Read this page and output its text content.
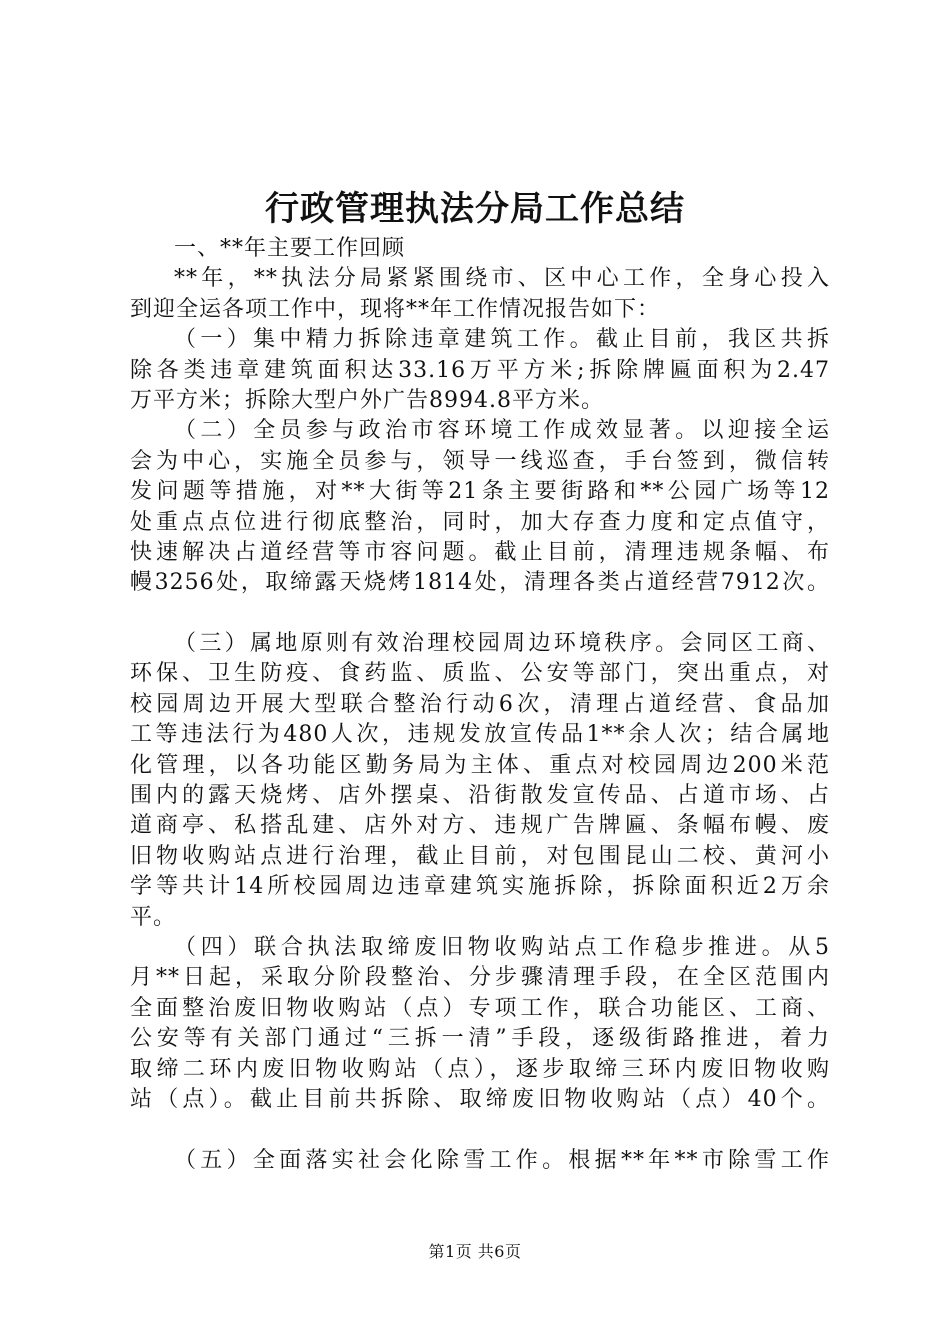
行政管理执法分局工作总结
一、**年主要工作回顾
**年，**执法分局紧紧围绕市、区中心工作，全身心投入
到迎全运各项工作中，现将**年工作情况报告如下：
（一）集中精力拆除违章建筑工作。截止目前，我区共拆
除各类违章建筑面积达33.16万平方米;拆除牌匾面积为2.47
万平方米；拆除大型户外广告8994.8平方米。
（二）全员参与政治市容环境工作成效显著。以迎接全运
会为中心，实施全员参与，领导一线巡查，手台签到，微信转
发问题等措施，对**大街等21条主要街路和**公园广场等12
处重点点位进行彻底整治，同时，加大存查力度和定点值守，
快速解决占道经营等市容问题。截止目前，清理违规条幅、布
幔3256处，取缔露天烧烤1814处，清理各类占道经营7912次。
（三）属地原则有效治理校园周边环境秩序。会同区工商、
环保、卫生防疫、食药监、质监、公安等部门，突出重点，对
校园周边开展大型联合整治行动6次，清理占道经营、食品加
工等违法行为480人次，违规发放宣传品1**余人次；结合属地
化管理，以各功能区勤务局为主体、重点对校园周边200米范
围内的露天烧烤、店外摆桌、沿街散发宣传品、占道市场、占
道商亭、私搭乱建、店外对方、违规广告牌匾、条幅布幔、废
旧物收购站点进行治理，截止目前，对包围昆山二校、黄河小
学等共计14所校园周边违章建筑实施拆除，拆除面积近2万余
平。
（四）联合执法取缔废旧物收购站点工作稳步推进。从5
月**日起，采取分阶段整治、分步骤清理手段，在全区范围内
全面整治废旧物收购站（点）专项工作，联合功能区、工商、
公安等有关部门通过“三拆一清”手段，逐级街路推进，着力
取缔二环内废旧物收购站（点），逐步取缔三环内废旧物收购
站（点）。截止目前共拆除、取缔废旧物收购站（点）40个。
（五）全面落实社会化除雪工作。根据**年**市除雪工作
第1页 共6页
